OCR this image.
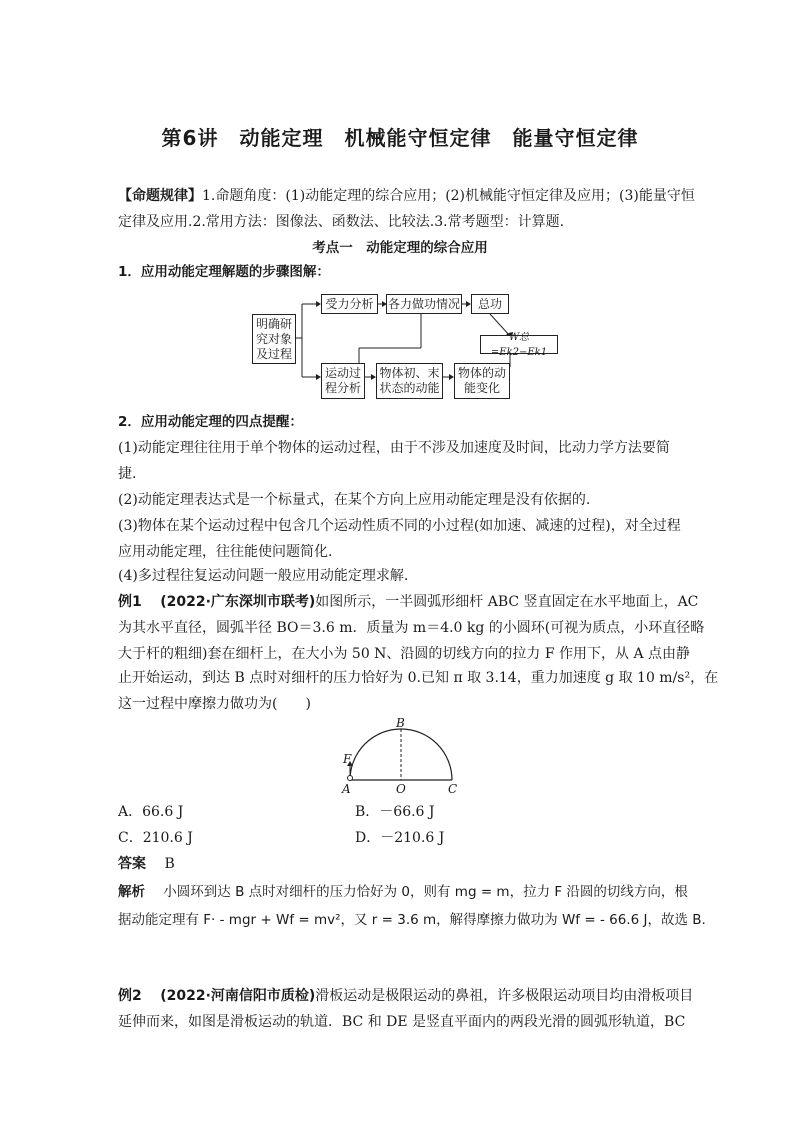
第6讲　动能定理　机械能守恒定律　能量守恒定律
【命题规律】1.命题角度：(1)动能定理的综合应用；(2)机械能守恒定律及应用；(3)能量守恒
定律及应用.2.常用方法：图像法、函数法、比较法.3.常考题型：计算题.
考点一　动能定理的综合应用
1．应用动能定理解题的步骤图解：
明确研
究对象
及过程
受力分析	各力做功情况	总功
W总=Ek2−Ek1
运动过
程分析
物体初、末
状态的动能
物体的动
能变化
2．应用动能定理的四点提醒：
(1)动能定理往往用于单个物体的运动过程，由于不涉及加速度及时间，比动力学方法要简
捷.
(2)动能定理表达式是一个标量式，在某个方向上应用动能定理是没有依据的.
(3)物体在某个运动过程中包含几个运动性质不同的小过程(如加速、减速的过程)，对全过程
应用动能定理，往往能使问题简化.
(4)多过程往复运动问题一般应用动能定理求解.
例1 (2022·广东深圳市联考)如图所示，一半圆弧形细杆 ABC 竖直固定在水平地面上，AC
为其水平直径，圆弧半径 BO＝3.6 m．质量为 m＝4.0 kg 的小圆环(可视为质点，小环直径略
大于杆的粗细)套在细杆上，在大小为 50 N、沿圆的切线方向的拉力 F 作用下，从 A 点由静
止开始运动，到达 B 点时对细杆的压力恰好为 0.已知 π 取 3.14，重力加速度 g 取 10 m/s²，在
这一过程中摩擦力做功为(　　)
B
F
A	O	C
A．66.6 J	B．－66.6 J
C．210.6 J	D．－210.6 J
答案 B
解析 小圆环到达 B 点时对细杆的压力恰好为 0，则有 mg = m，拉力 F 沿圆的切线方向，根
据动能定理有 F· - mgr + Wf = mv²，又 r = 3.6 m，解得摩擦力做功为 Wf = - 66.6 J，故选 B.
例2 (2022·河南信阳市质检)滑板运动是极限运动的鼻祖，许多极限运动项目均由滑板项目
延伸而来，如图是滑板运动的轨道．BC 和 DE 是竖直平面内的两段光滑的圆弧形轨道，BC
